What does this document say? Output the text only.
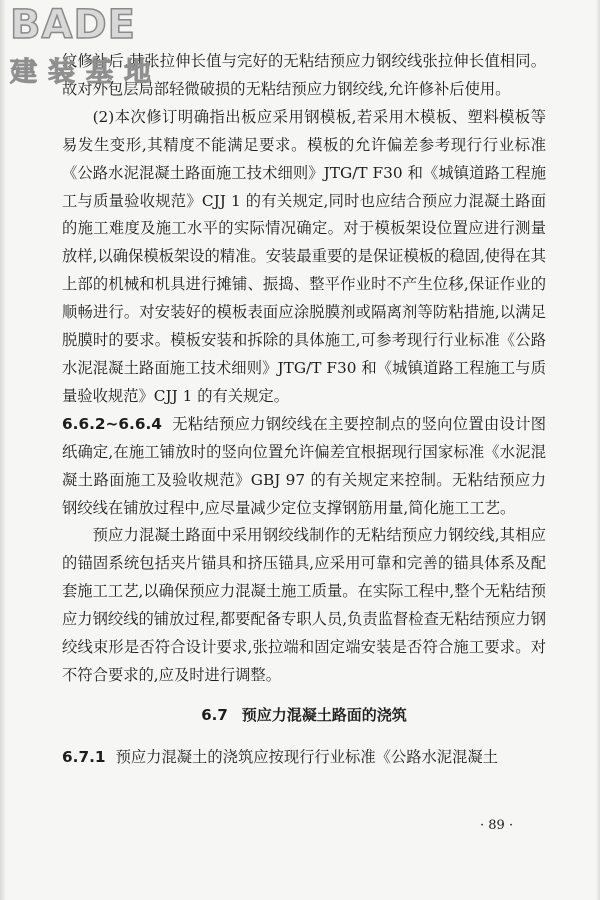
BADE
建装基地

纹修补后,其张拉伸长值与完好的无粘结预应力钢绞线张拉伸长值相同。故对外包层局部轻微破损的无粘结预应力钢绞线,允许修补后使用。

(2)本次修订明确指出板应采用钢模板,若采用木模板、塑料模板等易发生变形,其精度不能满足要求。模板的允许偏差参考现行行业标准《公路水泥混凝土路面施工技术细则》JTG/T F30 和《城镇道路工程施工与质量验收规范》CJJ 1 的有关规定,同时也应结合预应力混凝土路面的施工难度及施工水平的实际情况确定。对于模板架设位置应进行测量放样,以确保模板架设的精准。安装最重要的是保证模板的稳固,使得在其上部的机械和机具进行摊铺、振捣、整平作业时不产生位移,保证作业的顺畅进行。对安装好的模板表面应涂脱膜剂或隔离剂等防粘措施,以满足脱膜时的要求。模板安装和拆除的具体施工,可参考现行行业标准《公路水泥混凝土路面施工技术细则》JTG/T F30 和《城镇道路工程施工与质量验收规范》CJJ 1 的有关规定。

6.6.2~6.6.4 无粘结预应力钢绞线在主要控制点的竖向位置由设计图纸确定,在施工铺放时的竖向位置允许偏差宜根据现行国家标准《水泥混凝土路面施工及验收规范》GBJ 97 的有关规定来控制。无粘结预应力钢绞线在铺放过程中,应尽量减少定位支撑钢筋用量,简化施工工艺。

预应力混凝土路面中采用钢绞线制作的无粘结预应力钢绞线,其相应的锚固系统包括夹片锚具和挤压锚具,应采用可靠和完善的锚具体系及配套施工工艺,以确保预应力混凝土施工质量。在实际工程中,整个无粘结预应力钢绞线的铺放过程,都要配备专职人员,负责监督检查无粘结预应力钢绞线束形是否符合设计要求,张拉端和固定端安装是否符合施工要求。对不符合要求的,应及时进行调整。

6.7 预应力混凝土路面的浇筑

6.7.1 预应力混凝土的浇筑应按现行行业标准《公路水泥混凝土

· 89 ·
